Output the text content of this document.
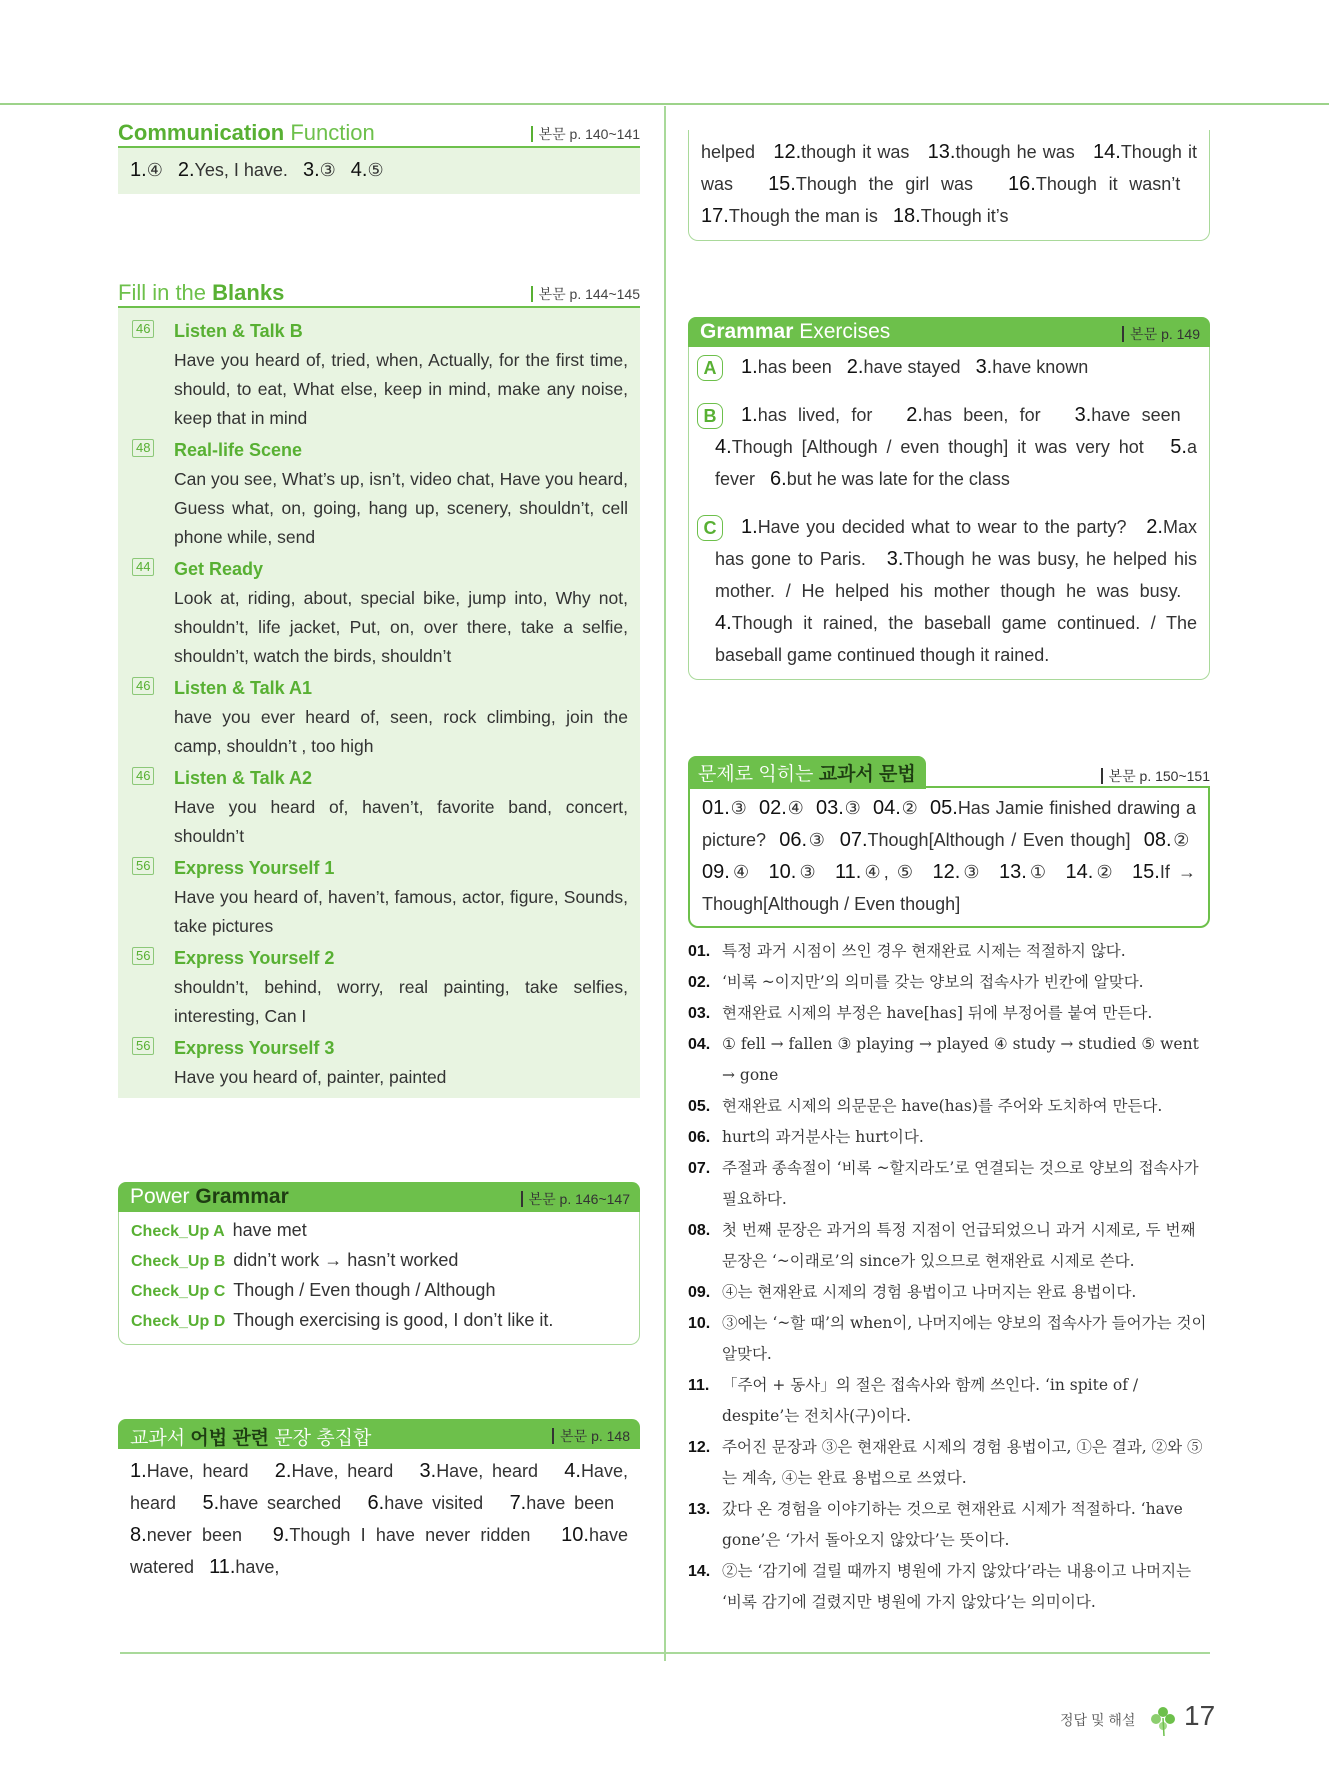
Communication Function	본문 p. 140~141
1.④ 2.Yes, I have. 3.③ 4.⑤
Fill in the Blanks	본문 p. 144~145
46 Listen & Talk B
Have you heard of, tried, when, Actually, for the first time, should, to eat, What else, keep in mind, make any noise, keep that in mind
48 Real-life Scene
Can you see, What’s up, isn’t, video chat, Have you heard, Guess what, on, going, hang up, scenery, shouldn’t, cell phone while, send
44 Get Ready
Look at, riding, about, special bike, jump into, Why not, shouldn’t, life jacket, Put, on, over there, take a selfie, shouldn’t, watch the birds, shouldn’t
46 Listen & Talk A1
have you ever heard of, seen, rock climbing, join the camp, shouldn’t , too high
46 Listen & Talk A2
Have you heard of, haven’t, favorite band, concert, shouldn’t
56 Express Yourself 1
Have you heard of, haven’t, famous, actor, figure, Sounds, take pictures
56 Express Yourself 2
shouldn’t, behind, worry, real painting, take selfies, interesting, Can I
56 Express Yourself 3
Have you heard of, painter, painted
Power Grammar	본문 p. 146~147
Check_Up A have met
Check_Up B didn’t work → hasn’t worked
Check_Up C Though / Even though / Although
Check_Up D Though exercising is good, I don’t like it.
교과서 어법 관련 문장 총집합	본문 p. 148
1.Have, heard 2.Have, heard 3.Have, heard 4.Have, heard 5.have searched 6.have visited 7.have been   8.never been 9.Though I have never ridden 10.have watered 11.have,
helped 12.though it was 13.though he was 14.Though it was 15.Though the girl was 16.Though it wasn’t   17.Though the man is 18.Though it’s
Grammar Exercises	본문 p. 149
A	1.has been 2.have stayed 3.have known
B	1.has lived, for 2.has been, for 3.have seen   4.Though [Although / even though] it was very hot 5.a fever 6.but he was late for the class
C	1.Have you decided what to wear to the party? 2.Max has gone to Paris. 3.Though he was busy, he helped his mother. / He helped his mother though he was busy.   4.Though it rained, the baseball game continued. / The baseball game continued though it rained.
문제로 익히는 교과서 문법	본문 p. 150~151
01.③ 02.④ 03.③ 04.② 05.Has Jamie finished drawing a picture? 06.③ 07.Though[Although / Even though] 08.②  09.④ 10.③ 11.④, ⑤ 12.③ 13.① 14.② 15.If → Though[Although / Even though]
01. 특정 과거 시점이 쓰인 경우 현재완료 시제는 적절하지 않다.
02. ‘비록 ~이지만’의 의미를 갖는 양보의 접속사가 빈칸에 알맞다.
03. 현재완료 시제의 부정은 have[has] 뒤에 부정어를 붙여 만든다.
04. ① fell → fallen ③ playing → played ④ study → studied ⑤ went → gone
05. 현재완료 시제의 의문문은 have(has)를 주어와 도치하여 만든다.
06. hurt의 과거분사는 hurt이다.
07. 주절과 종속절이 ‘비록 ~할지라도’로 연결되는 것으로 양보의 접속사가 필요하다.
08. 첫 번째 문장은 과거의 특정 지점이 언급되었으니 과거 시제로, 두 번째 문장은 ‘~이래로’의 since가 있으므로 현재완료 시제로 쓴다.
09. ④는 현재완료 시제의 경험 용법이고 나머지는 완료 용법이다.
10. ③에는 ‘~할 때’의 when이, 나머지에는 양보의 접속사가 들어가는 것이 알맞다.
11. 「주어 + 동사」의 절은 접속사와 함께 쓰인다. ‘in spite of / despite’는 전치사(구)이다.
12. 주어진 문장과 ③은 현재완료 시제의 경험 용법이고, ①은 결과, ②와 ⑤는 계속, ④는 완료 용법으로 쓰였다.
13. 갔다 온 경험을 이야기하는 것으로 현재완료 시제가 적절하다. ‘have gone’은 ‘가서 돌아오지 않았다’는 뜻이다.
14. ②는 ‘감기에 걸릴 때까지 병원에 가지 않았다’라는 내용이고 나머지는 ‘비록 감기에 걸렸지만 병원에 가지 않았다’는 의미이다.
정답 및 해설 17
